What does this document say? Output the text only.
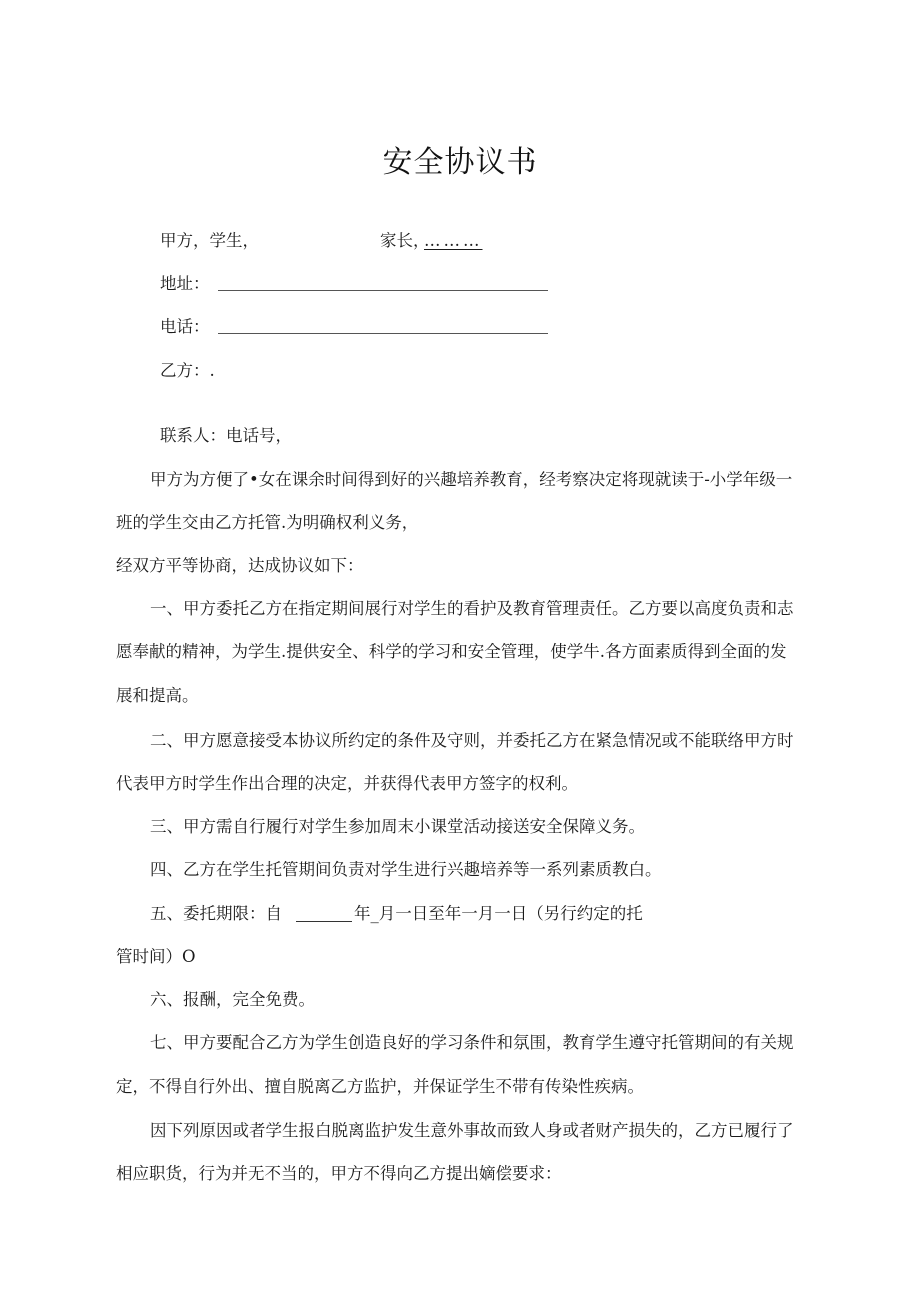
安全协议书
甲方，学生，	家长，
………
地址：
电话：
乙方：.
联系人：电话号，
甲方为方便了•女在课余时间得到好的兴趣培养教育，经考察决定将现就读于-小学年级一
班的学生交由乙方托管.为明确权利义务，
经双方平等协商，达成协议如下：
一、甲方委托乙方在指定期间展行对学生的看护及教育管理责任。乙方要以高度负责和志
愿奉献的精神，为学生.提供安全、科学的学习和安全管理，使学牛.各方面素质得到全面的发
展和提高。
二、甲方愿意接受本协议所约定的条件及守则，并委托乙方在紧急情况或不能联络甲方时
代表甲方时学生作出合理的决定，并获得代表甲方签字的权利。
三、甲方需自行履行对学生参加周末小课堂活动接送安全保障义务。
四、乙方在学生托管期间负责对学生进行兴趣培养等一系列素质教白。
五、委托期限：自	年_月一日至年一月一日（另行约定的托
管时间）O
六、报酬，完全免费。
七、甲方要配合乙方为学生创造良好的学习条件和氛围，教育学生遵守托管期间的有关规
定，不得自行外出、擅自脱离乙方监护，并保证学生不带有传染性疾病。
因下列原因或者学生报白脱离监护发生意外事故而致人身或者财产损失的，乙方已履行了
相应职货，行为并无不当的，甲方不得向乙方提出嫡偿要求：
